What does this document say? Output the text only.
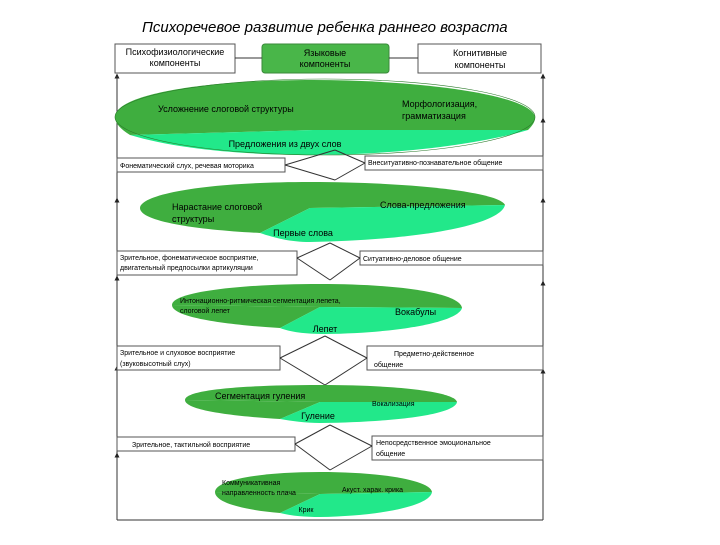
Психоречевое развитие ребенка раннего возраста
Психофизиологические
компоненты
Языковые
компоненты
Когнитивные
компоненты
Усложнение слоговой структуры	Морфологизация,
грамматизация
Предложения из двух слов
Фонематический слух, речевая моторика	Внеситуативно-познавательное общение
Нарастание слоговой
структуры
Слова-предложения
Первые слова
Зрительное, фонематическое восприятие,
двигательный предпосылки артикуляции
Ситуативно-деловое общение
Интонационно-ритмическая сегментация лепета,
слоговой лепет	Вокабулы
Лепет
Зрительное и слуховое восприятие
(звуковысотный слух)
Предметно-действенное
общение
Сегментация гуления
Вокализация
Гуление
Зрительное, тактильной восприятие	Непосредственное эмоциональное
общение
Коммуникативная
направленность плача	Акуст. харак. крика
Крик
